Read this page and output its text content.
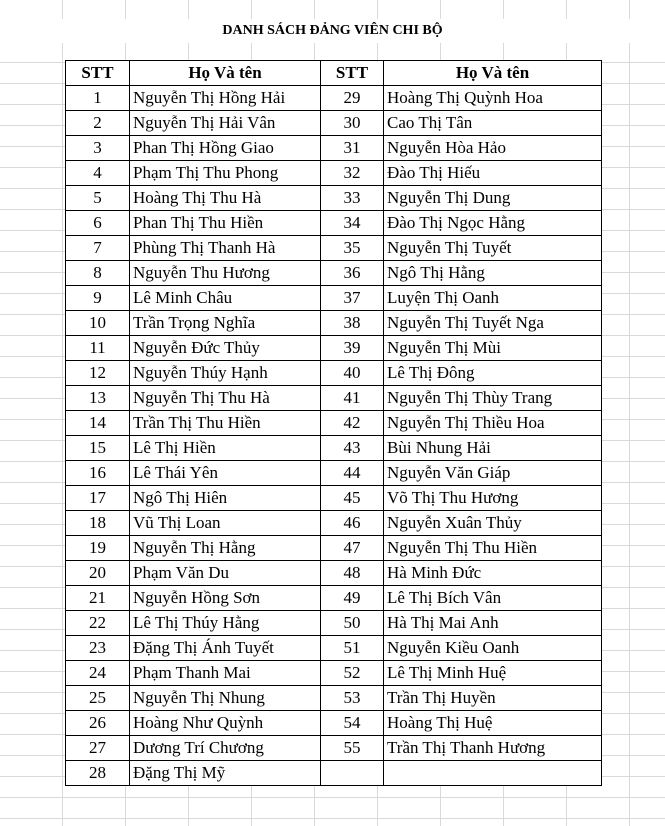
DANH SÁCH ĐẢNG VIÊN CHI BỘ
STT	Họ Và tên	STT	Họ Và tên
1	Nguyễn Thị Hồng Hải	29	Hoàng Thị Quỳnh Hoa
2	Nguyễn Thị Hải Vân	30	Cao Thị Tân
3	Phan Thị Hồng Giao	31	Nguyễn Hòa Hảo
4	Phạm Thị Thu Phong	32	Đào Thị Hiếu
5	Hoàng Thị Thu Hà	33	Nguyễn Thị Dung
6	Phan Thị Thu Hiền	34	Đào Thị Ngọc Hằng
7	Phùng Thị Thanh Hà	35	Nguyễn Thị Tuyết
8	Nguyễn Thu Hương	36	Ngô Thị Hằng
9	Lê Minh Châu	37	Luyện Thị Oanh
10	Trần Trọng Nghĩa	38	Nguyễn Thị Tuyết Nga
11	Nguyễn Đức Thủy	39	Nguyễn Thị Mùi
12	Nguyễn Thúy Hạnh	40	Lê Thị Đông
13	Nguyễn Thị Thu Hà	41	Nguyễn Thị Thùy Trang
14	Trần Thị Thu Hiền	42	Nguyễn Thị Thiều Hoa
15	Lê Thị Hiền	43	Bùi Nhung Hải
16	Lê Thái Yên	44	Nguyễn Văn Giáp
17	Ngô Thị Hiên	45	Võ Thị Thu Hương
18	Vũ Thị Loan	46	Nguyễn Xuân Thủy
19	Nguyễn Thị Hằng	47	Nguyễn Thị Thu Hiền
20	Phạm Văn Du	48	Hà Minh Đức
21	Nguyễn Hồng Sơn	49	Lê Thị Bích Vân
22	Lê Thị Thúy Hằng	50	Hà Thị Mai Anh
23	Đặng Thị Ánh Tuyết	51	Nguyễn Kiều Oanh
24	Phạm Thanh Mai	52	Lê Thị Minh Huệ
25	Nguyễn Thị Nhung	53	Trần Thị Huyền
26	Hoàng Như Quỳnh	54	Hoàng Thị Huệ
27	Dương Trí Chương	55	Trần Thị Thanh Hương
28	Đặng Thị Mỹ		
